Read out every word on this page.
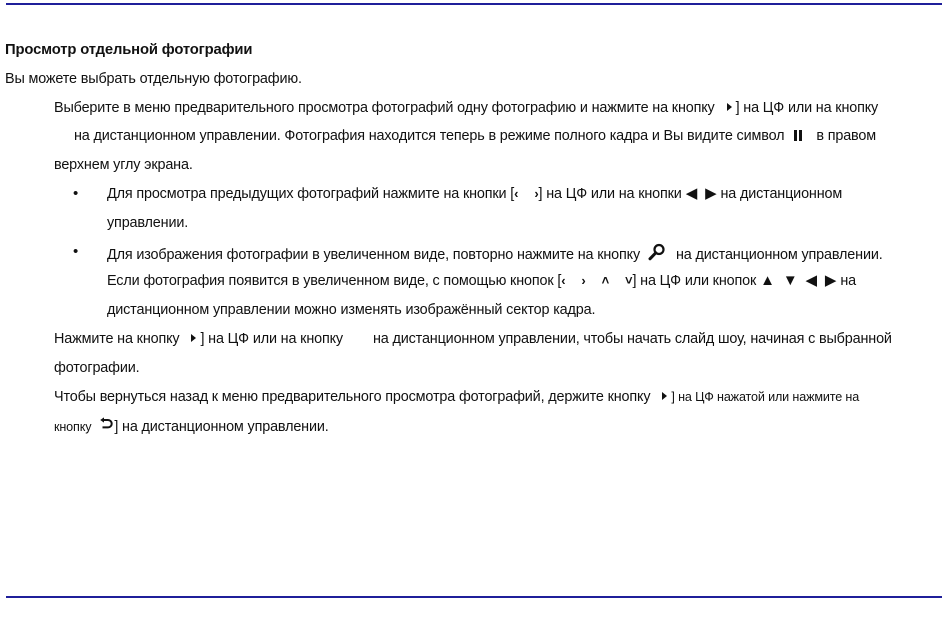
Просмотр отдельной фотографии
Вы можете выбрать отдельную фотографию.
Выберите в меню предварительного просмотра фотографий одну фотографию и нажмите на кнопку ] на ЦФ или на кнопку
на дистанционном управлении. Фотография находится теперь в режиме полного кадра и Вы видите символ в правом
верхнем углу экрана.
• Для просмотра предыдущих фотографий нажмите на кнопки [‹ ›] на ЦФ или на кнопки ◀ ▶ на дистанционном
управлении.
• Для изображения фотографии в увеличенном виде, повторно нажмите на кнопку	на дистанционном управлении.
Если фотография появится в увеличенном виде, с помощью кнопок [‹ › ˄ ˅] на ЦФ или кнопок ▲ ▼ ◀ ▶ на
дистанционном управлении можно изменять изображённый сектор кадра.
Нажмите на кнопку ] на ЦФ или на кнопку на дистанционном управлении, чтобы начать слайд шоу, начиная с выбранной
фотографии.
Чтобы вернуться назад к меню предварительного просмотра фотографий, держите кнопку ] на ЦФ нажатой или нажмите на
кнопку ] на дистанционном управлении.
